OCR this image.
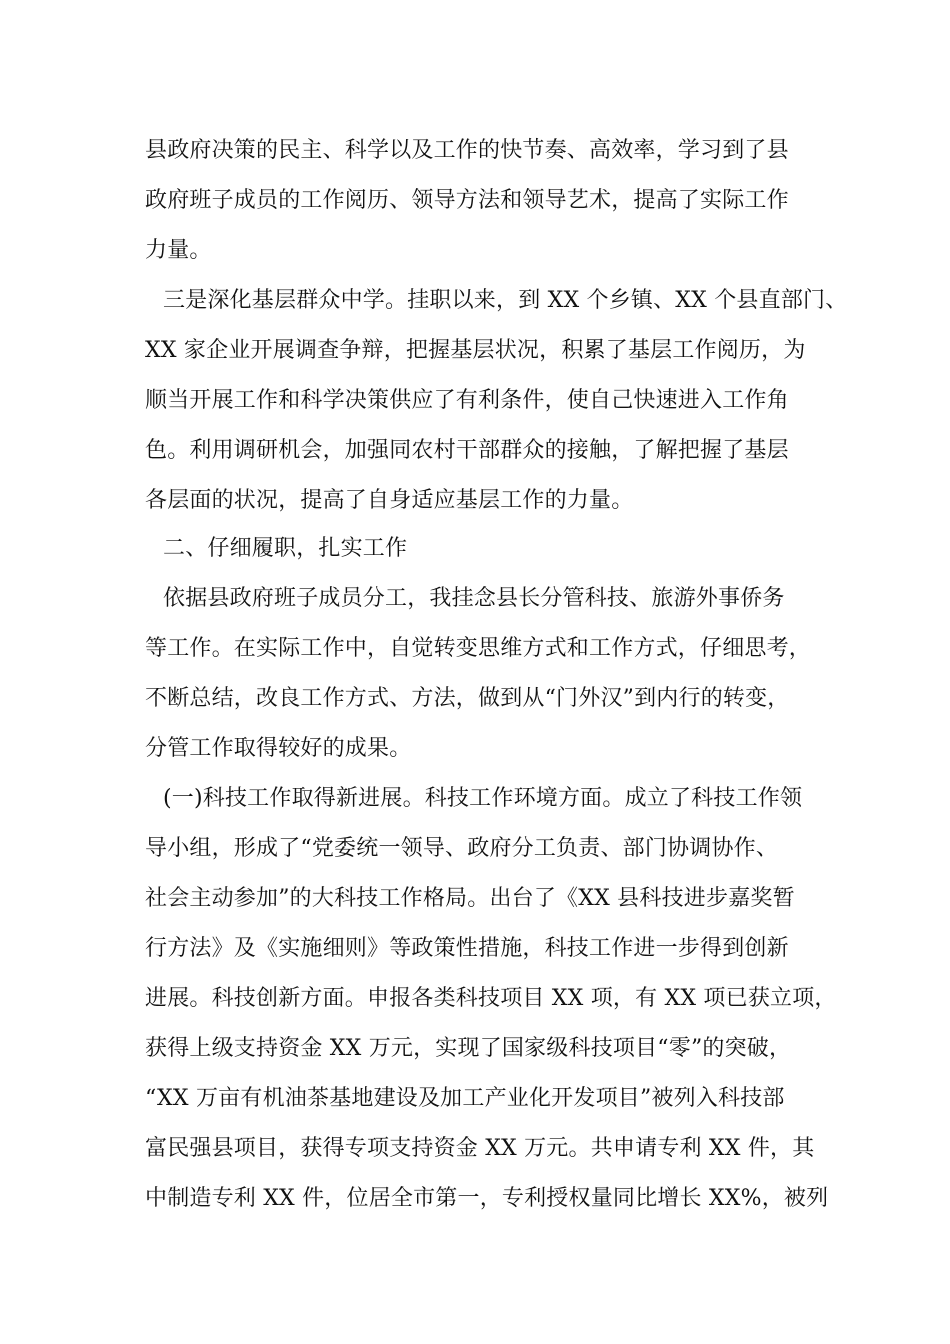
县政府决策的民主、科学以及工作的快节奏、高效率，学习到了县
政府班子成员的工作阅历、领导方法和领导艺术，提高了实际工作
力量。
三是深化基层群众中学。挂职以来，到 XX 个乡镇、XX 个县直部门、
XX 家企业开展调查争辩，把握基层状况，积累了基层工作阅历，为
顺当开展工作和科学决策供应了有利条件，使自己快速进入工作角
色。利用调研机会，加强同农村干部群众的接触，了解把握了基层
各层面的状况，提高了自身适应基层工作的力量。
二、仔细履职，扎实工作
依据县政府班子成员分工，我挂念县长分管科技、旅游外事侨务
等工作。在实际工作中，自觉转变思维方式和工作方式，仔细思考，
不断总结，改良工作方式、方法，做到从“门外汉”到内行的转变，
分管工作取得较好的成果。
(一)科技工作取得新进展。科技工作环境方面。成立了科技工作领
导小组，形成了“党委统一领导、政府分工负责、部门协调协作、
社会主动参加”的大科技工作格局。出台了《XX 县科技进步嘉奖暂
行方法》及《实施细则》等政策性措施，科技工作进一步得到创新
进展。科技创新方面。申报各类科技项目 XX 项，有 XX 项已获立项，
获得上级支持资金 XX 万元，实现了国家级科技项目“零”的突破，
“XX 万亩有机油茶基地建设及加工产业化开发项目”被列入科技部
富民强县项目，获得专项支持资金 XX 万元。共申请专利 XX 件，其
中制造专利 XX 件，位居全市第一，专利授权量同比增长 XX%，被列
